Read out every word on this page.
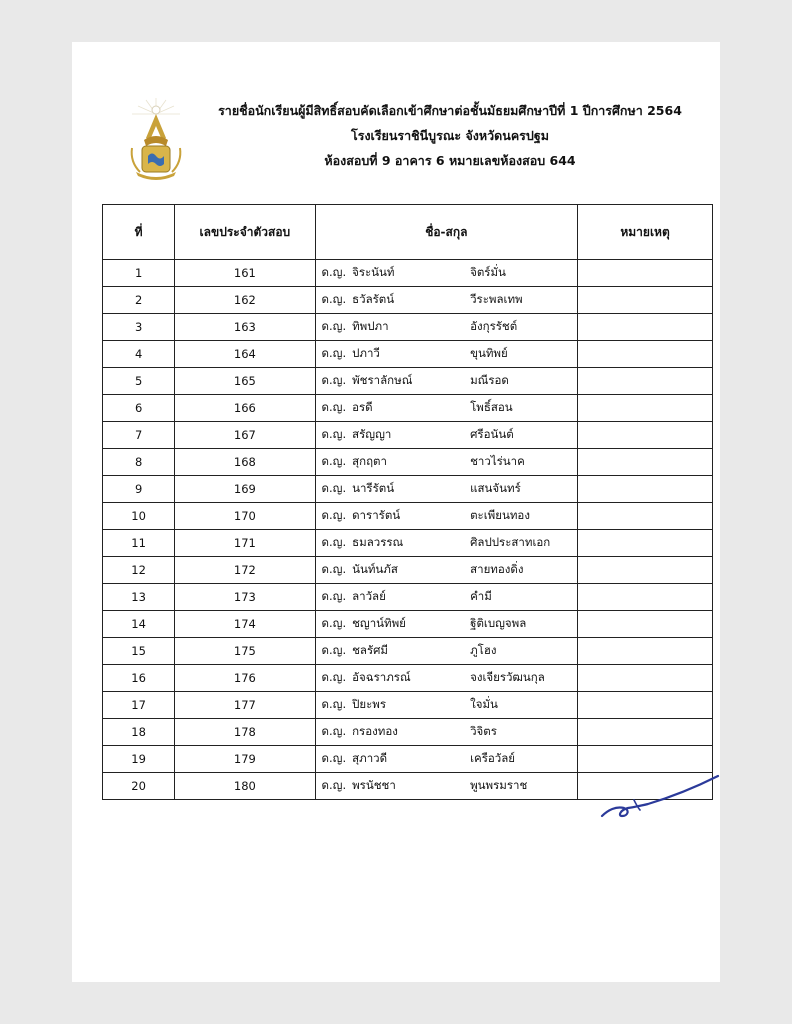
รายชื่อนักเรียนผู้มีสิทธิ์สอบคัดเลือกเข้าศึกษาต่อชั้นมัธยมศึกษาปีที่ 1 ปีการศึกษา 2564
โรงเรียนราชินีบูรณะ จังหวัดนครปฐม
ห้องสอบที่ 9 อาคาร 6 หมายเลขห้องสอบ 644
ที่	เลขประจำตัวสอบ	ชื่อ-สกุล	หมายเหตุ
1	161	ด.ญ. จิระนันท์ จิตร์มั่น	
2	162	ด.ญ. ธวัลรัตน์ วีระพลเทพ	
3	163	ด.ญ. ทิพปภา อังกุรรัชต์	
4	164	ด.ญ. ปภาวี ขุนทิพย์	
5	165	ด.ญ. พัชราลักษณ์ มณีรอด	
6	166	ด.ญ. อรดี โพธิ์สอน	
7	167	ด.ญ. สรัญญา ศรีอนันต์	
8	168	ด.ญ. สุกฤตา ชาวไร่นาค	
9	169	ด.ญ. นารีรัตน์ แสนจันทร์	
10	170	ด.ญ. ดารารัตน์ ตะเพียนทอง	
11	171	ด.ญ. ธมลวรรณ ศิลปประสาทเอก	
12	172	ด.ญ. นันท์นภัส สายทองดิ่ง	
13	173	ด.ญ. ลาวัลย์ คำมี	
14	174	ด.ญ. ชญาน์ทิพย์ ฐิติเบญจพล	
15	175	ด.ญ. ชลรัศมี ภูโฮง	
16	176	ด.ญ. อัจฉราภรณ์ จงเจียรวัฒนกุล	
17	177	ด.ญ. ปิยะพร ใจมั่น	
18	178	ด.ญ. กรองทอง วิจิตร	
19	179	ด.ญ. สุภาวดี เครือวัลย์	
20	180	ด.ญ. พรนัชชา พูนพรมราช	
